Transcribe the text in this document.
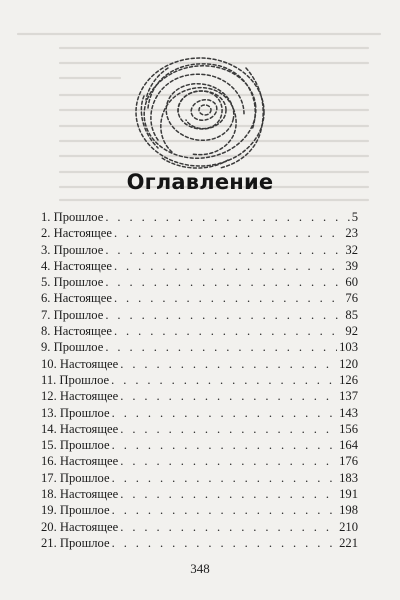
Оглавление
1. Прошлое . . .	5
2. Настоящее . . .	23
3. Прошлое . . .	32
4. Настоящее . . .	39
5. Прошлое . . .	60
6. Настоящее . . .	76
7. Прошлое . . .	85
8. Настоящее . . .	92
9. Прошлое . . .	103
10. Настоящее . . .	120
11. Прошлое . . .	126
12. Настоящее . . .	137
13. Прошлое . . .	143
14. Настоящее . . .	156
15. Прошлое . . .	164
16. Настоящее . . .	176
17. Прошлое . . .	183
18. Настоящее . . .	191
19. Прошлое . . .	198
20. Настоящее . . .	210
21. Прошлое . . .	221
348
